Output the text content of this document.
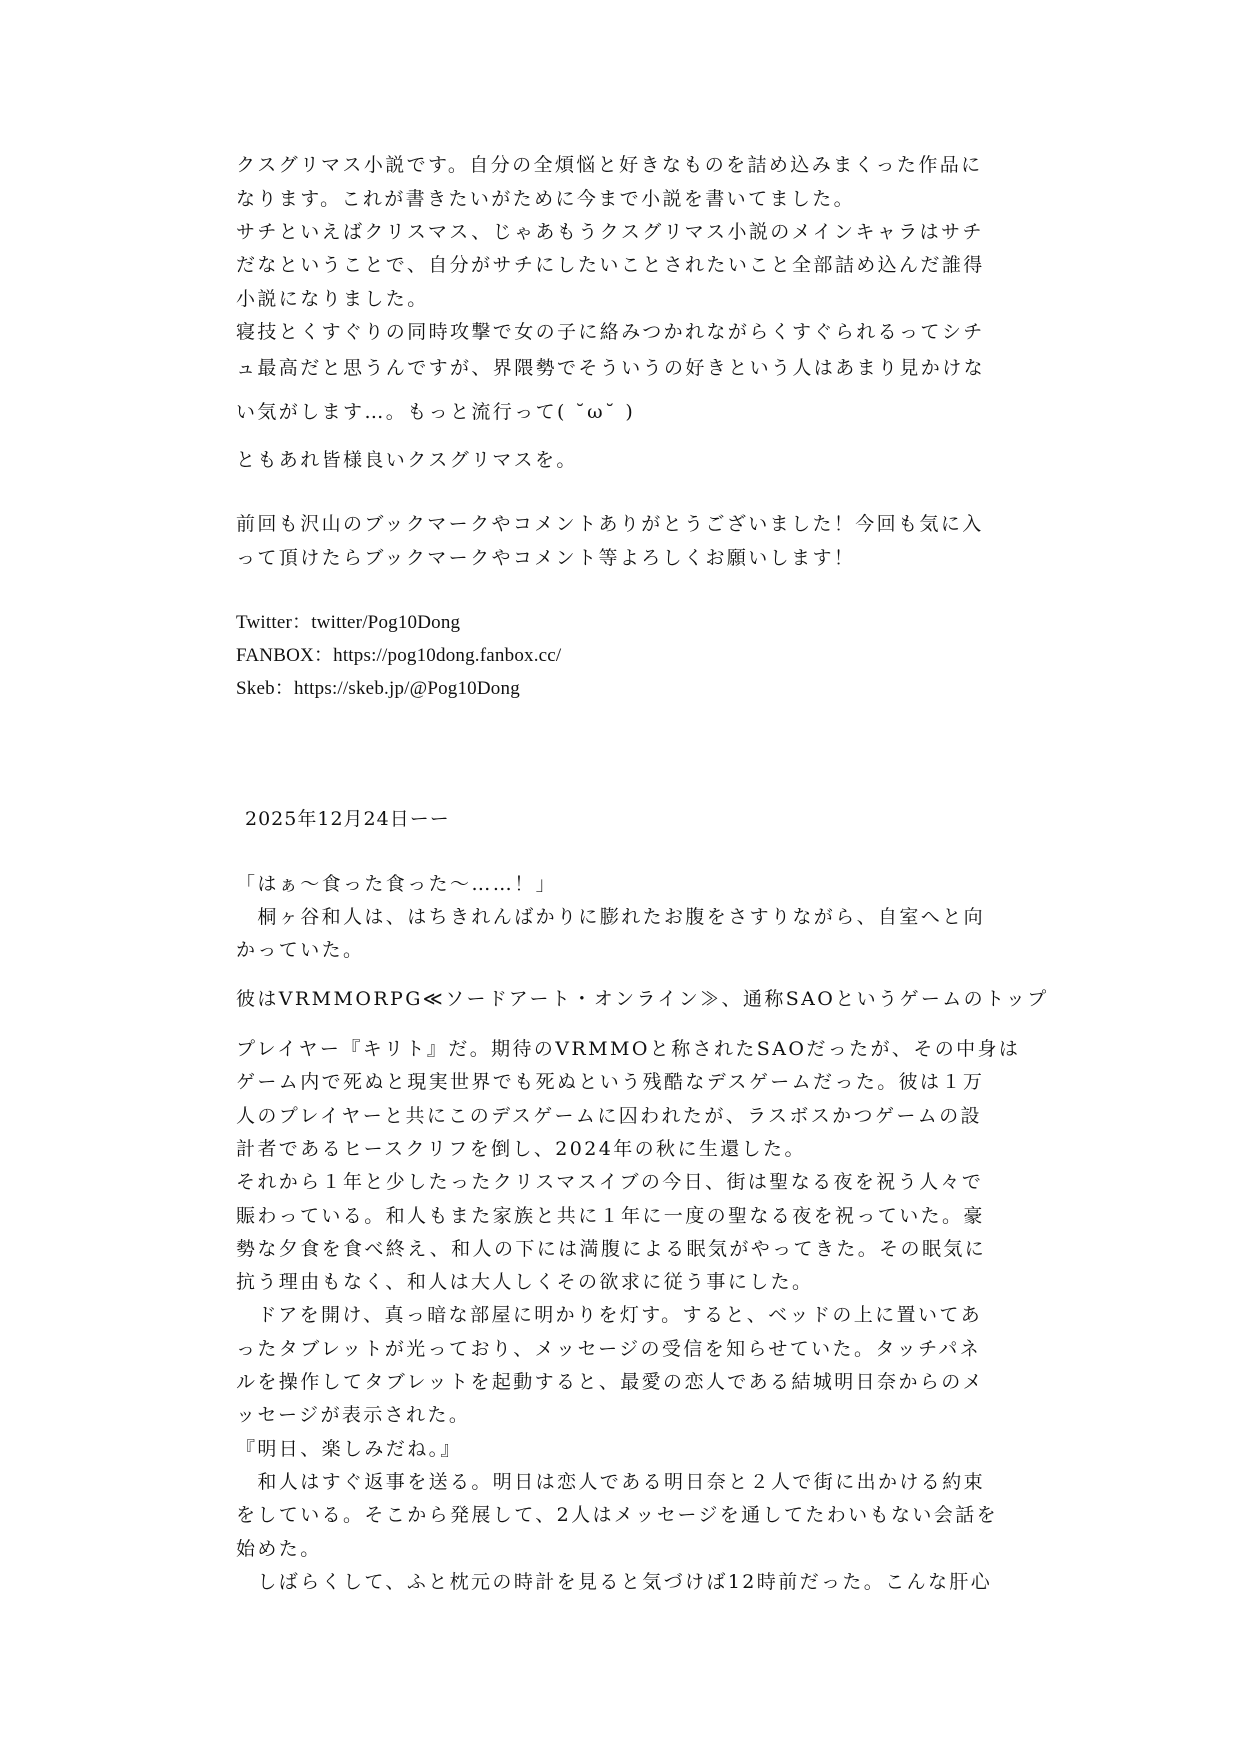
クスグリマス小説です。自分の全煩悩と好きなものを詰め込みまくった作品に

なります。これが書きたいがために今まで小説を書いてました。

サチといえばクリスマス、じゃあもうクスグリマス小説のメインキャラはサチ

だなということで、自分がサチにしたいことされたいこと全部詰め込んだ誰得

小説になりました。

寝技とくすぐりの同時攻撃で女の子に絡みつかれながらくすぐられるってシチ

ュ最高だと思うんですが、界隈勢でそういうの好きという人はあまり見かけな

い気がします…。もっと流行って( ˘ω˘ )

ともあれ皆様良いクスグリマスを。

前回も沢山のブックマークやコメントありがとうございました！今回も気に入

って頂けたらブックマークやコメント等よろしくお願いします！

Twitter：twitter/Pog10Dong

FANBOX：https://pog10dong.fanbox.cc/

Skeb：https://skeb.jp/@Pog10Dong

2025年12月24日ーー

「はぁ～食った食った～……！」

　桐ヶ谷和人は、はちきれんばかりに膨れたお腹をさすりながら、自室へと向

かっていた。

彼はVRMMORPG≪ソードアート・オンライン≫、通称SAOというゲームのトップ

プレイヤー『キリト』だ。期待のVRMMOと称されたSAOだったが、その中身は

ゲーム内で死ぬと現実世界でも死ぬという残酷なデスゲームだった。彼は１万

人のプレイヤーと共にこのデスゲームに囚われたが、ラスボスかつゲームの設

計者であるヒースクリフを倒し、2024年の秋に生還した。

それから１年と少したったクリスマスイブの今日、街は聖なる夜を祝う人々で

賑わっている。和人もまた家族と共に１年に一度の聖なる夜を祝っていた。豪

勢な夕食を食べ終え、和人の下には満腹による眠気がやってきた。その眠気に

抗う理由もなく、和人は大人しくその欲求に従う事にした。

　ドアを開け、真っ暗な部屋に明かりを灯す。すると、ベッドの上に置いてあ

ったタブレットが光っており、メッセージの受信を知らせていた。タッチパネ

ルを操作してタブレットを起動すると、最愛の恋人である結城明日奈からのメ

ッセージが表示された。

『明日、楽しみだね。』

　和人はすぐ返事を送る。明日は恋人である明日奈と２人で街に出かける約束

をしている。そこから発展して、2人はメッセージを通してたわいもない会話を

始めた。

　しばらくして、ふと枕元の時計を見ると気づけば12時前だった。こんな肝心
